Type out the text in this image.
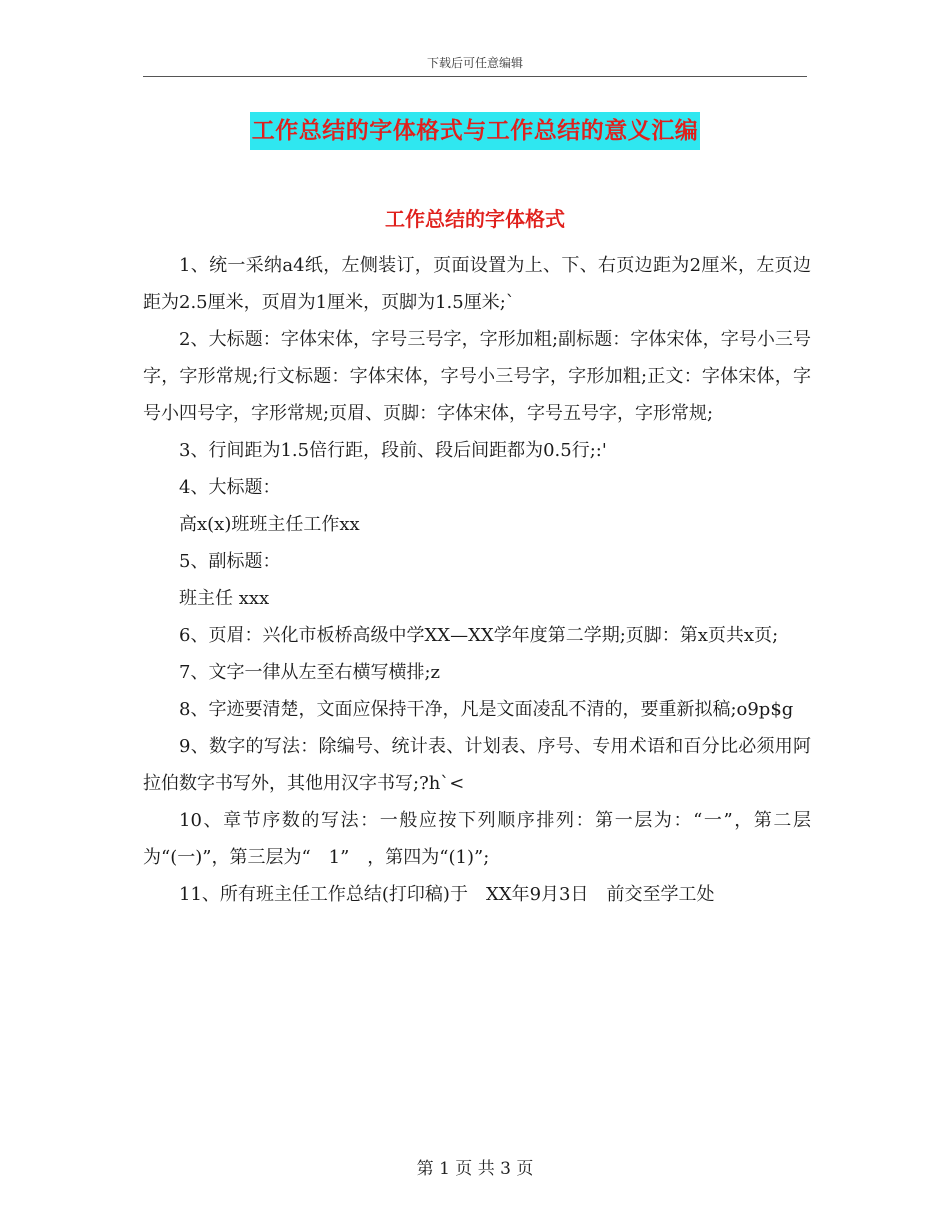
下载后可任意编辑
工作总结的字体格式与工作总结的意义汇编
工作总结的字体格式

1、统一采纳a4纸，左侧装订，页面设置为上、下、右页边距为2厘米，左页边距为2.5厘米，页眉为1厘米，页脚为1.5厘米;`

2、大标题：字体宋体，字号三号字，字形加粗;副标题：字体宋体，字号小三号字，字形常规;行文标题：字体宋体，字号小三号字，字形加粗;正文：字体宋体，字号小四号字，字形常规;页眉、页脚：字体宋体，字号五号字，字形常规;

3、行间距为1.5倍行距，段前、段后间距都为0.5行;:'

4、大标题：

高x(x)班班主任工作xx

5、副标题：

班主任 xxx

6、页眉：兴化市板桥高级中学XX—XX学年度第二学期;页脚：第x页共x页;

7、文字一律从左至右横写横排;z

8、字迹要清楚，文面应保持干净，凡是文面凌乱不清的，要重新拟稿;o9p$g

9、数字的写法：除编号、统计表、计划表、序号、专用术语和百分比必须用阿拉伯数字书写外，其他用汉字书写;?h`<

10、章节序数的写法：一般应按下列顺序排列：第一层为：“一”，第二层为“(一)”，第三层为“　1”　，第四为“(1)”;

11、所有班主任工作总结(打印稿)于　XX年9月3日　前交至学工处

第 1 页 共 3 页
